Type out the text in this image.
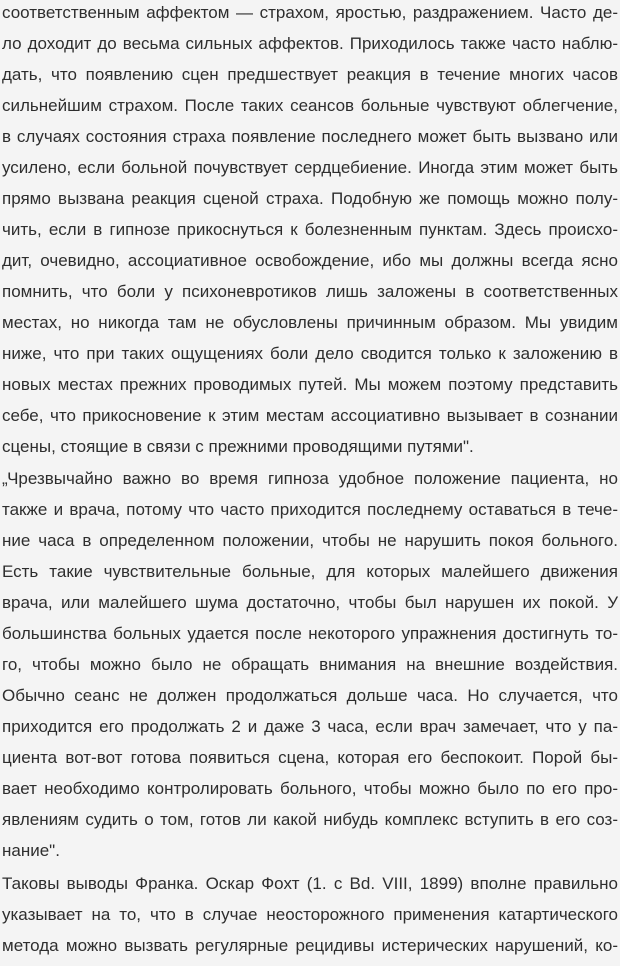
соответственным аффектом — страхом, яростью, раздражением. Часто де-
ло доходит до весьма сильных аффектов. Приходилось также часто наблю-
дать, что появлению сцен предшествует реакция в течение многих часов
сильнейшим страхом. После таких сеансов больные чувствуют облегчение,
в случаях состояния страха появление последнего может быть вызвано или
усилено, если больной почувствует сердцебиение. Иногда этим может быть
прямо вызвана реакция сценой страха. Подобную же помощь можно полу-
чить, если в гипнозе прикоснуться к болезненным пунктам. Здесь происхо-
дит, очевидно, ассоциативное освобождение, ибо мы должны всегда ясно
помнить, что боли у психоневротиков лишь заложены в соответственных
местах, но никогда там не обусловлены причинным образом. Мы увидим
ниже, что при таких ощущениях боли дело сводится только к заложению в
новых местах прежних проводимых путей. Мы можем поэтому представить
себе, что прикосновение к этим местам ассоциативно вызывает в сознании
сцены, стоящие в связи с прежними проводящими путями".
„Чрезвычайно важно во время гипноза удобное положение пациента, но
также и врача, потому что часто приходится последнему оставаться в тече-
ние часа в определенном положении, чтобы не нарушить покоя больного.
Есть такие чувствительные больные, для которых малейшего движения
врача, или малейшего шума достаточно, чтобы был нарушен их покой. У
большинства больных удается после некоторого упражнения достигнуть то-
го, чтобы можно было не обращать внимания на внешние воздействия.
Обычно сеанс не должен продолжаться дольше часа. Но случается, что
приходится его продолжать 2 и даже 3 часа, если врач замечает, что у па-
циента вот-вот готова появиться сцена, которая его беспокоит. Порой бы-
вает необходимо контролировать больного, чтобы можно было по его про-
явлениям судить о том, готов ли какой нибудь комплекс вступить в его соз-
нание".
Таковы выводы Франка. Оскар Фохт (1. с Bd. VIII, 1899) вполне правильно
указывает на то, что в случае неосторожного применения катартического
метода можно вызвать регулярные рецидивы истерических нарушений, ко-
